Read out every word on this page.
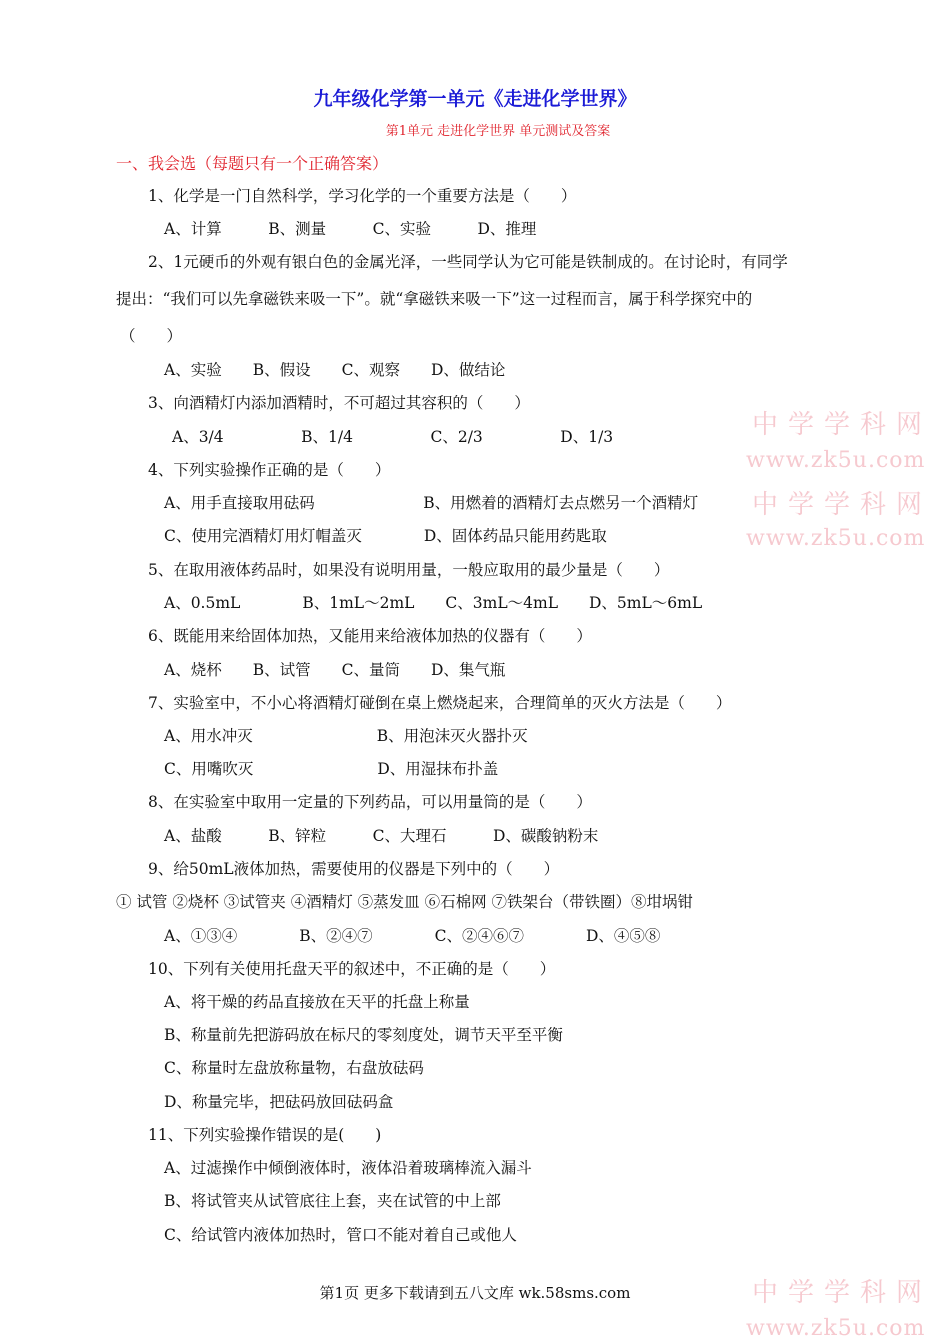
九年级化学第一单元《走进化学世界》
第1单元 走进化学世界 单元测试及答案
一、我会选（每题只有一个正确答案）
1、化学是一门自然科学，学习化学的一个重要方法是（　　）
A、计算　　　B、测量　　　C、实验　　　D、推理
2、1元硬币的外观有银白色的金属光泽，一些同学认为它可能是铁制成的。在讨论时，有同学
提出：“我们可以先拿磁铁来吸一下”。就“拿磁铁来吸一下”这一过程而言，属于科学探究中的
（　　）
A、实验　　B、假设　　C、观察　　D、做结论
3、向酒精灯内添加酒精时，不可超过其容积的（　　）
A、3/4　　　　　B、1/4　　　　　C、2/3　　　　　D、1/3
4、下列实验操作正确的是（　　）
A、用手直接取用砝码　　　　　　　B、用燃着的酒精灯去点燃另一个酒精灯
C、使用完酒精灯用灯帽盖灭　　　　D、固体药品只能用药匙取
5、在取用液体药品时，如果没有说明用量，一般应取用的最少量是（　　）
A、0.5mL　　　　B、1mL～2mL　　C、3mL～4mL　　D、5mL～6mL
6、既能用来给固体加热，又能用来给液体加热的仪器有（　　）
A、烧杯　　B、试管　　C、量筒　　D、集气瓶
7、实验室中，不小心将酒精灯碰倒在桌上燃烧起来，合理简单的灭火方法是（　　）
A、用水冲灭　　　　　　　　B、用泡沫灭火器扑灭
C、用嘴吹灭　　　　　　　　D、用湿抹布扑盖
8、在实验室中取用一定量的下列药品，可以用量筒的是（　　）
A、盐酸　　　B、锌粒　　　C、大理石　　　D、碳酸钠粉末
9、给50mL液体加热，需要使用的仪器是下列中的（　　）
① 试管 ②烧杯 ③试管夹 ④酒精灯 ⑤蒸发皿 ⑥石棉网 ⑦铁架台（带铁圈）⑧坩埚钳
A、①③④　　　　B、②④⑦　　　　C、②④⑥⑦　　　　D、④⑤⑧
10、下列有关使用托盘天平的叙述中，不正确的是（　　）
A、将干燥的药品直接放在天平的托盘上称量
B、称量前先把游码放在标尺的零刻度处，调节天平至平衡
C、称量时左盘放称量物，右盘放砝码
D、称量完毕，把砝码放回砝码盒
11、下列实验操作错误的是(　　)
A、过滤操作中倾倒液体时，液体沿着玻璃棒流入漏斗
B、将试管夹从试管底往上套，夹在试管的中上部
C、给试管内液体加热时，管口不能对着自己或他人
中学学科网
www.zk5u.com
中学学科网
www.zk5u.com
中学学科网
www.zk5u.com
第1页 更多下载请到五八文库 wk.58sms.com
